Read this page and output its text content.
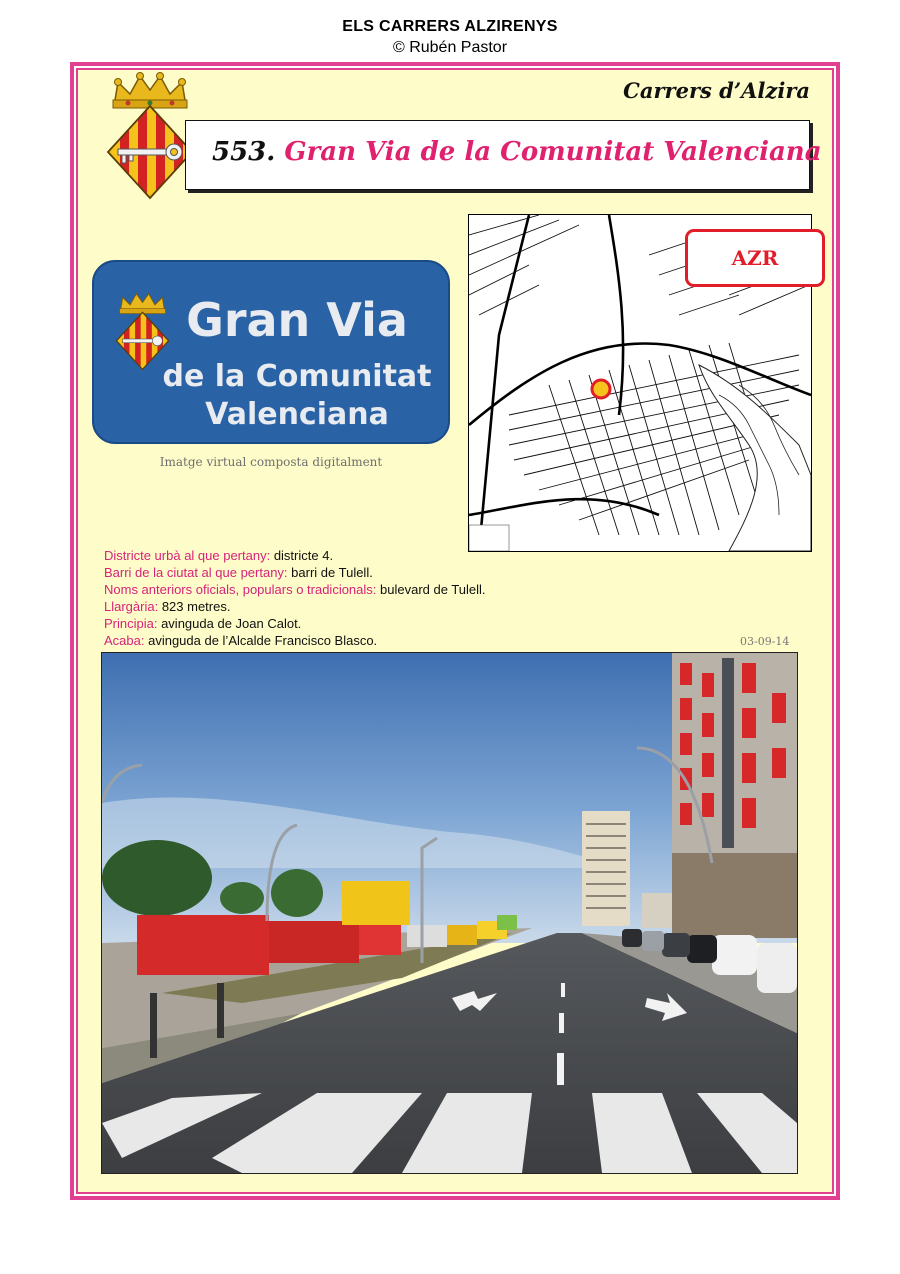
ELS CARRERS ALZIRENYS
© Rubén Pastor
Carrers d’Alzira
553. Gran Via de la Comunitat Valenciana
Gran Via
de la Comunitat
Valenciana
Imatge virtual composta digitalment
AZR
Districte urbà al que pertany: districte 4.
Barri de la ciutat al que pertany: barri de Tulell.
Noms anteriors oficials, populars o tradicionals: bulevard de Tulell.
Llargària: 823 metres.
Principia: avinguda de Joan Calot.
Acaba: avinguda de l’Alcalde Francisco Blasco.	03-09-14
